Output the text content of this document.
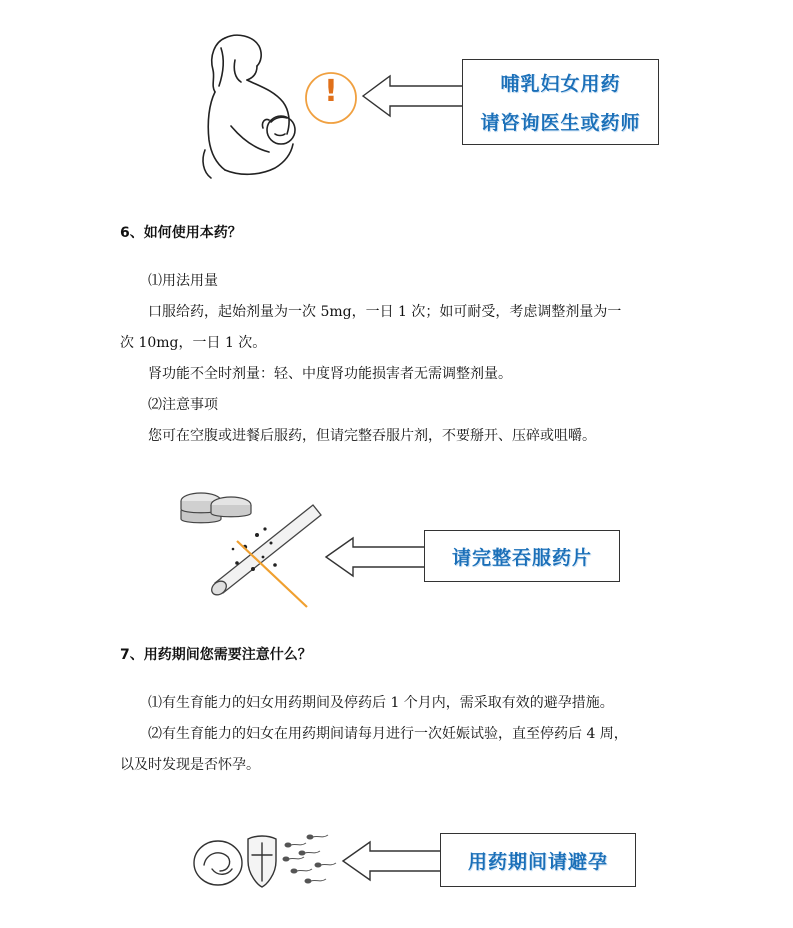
!	哺乳妇女用药
请咨询医生或药师
6、如何使用本药？
⑴用法用量
口服给药，起始剂量为一次 5mg，一日 1 次；如可耐受，考虑调整剂量为一
次 10mg，一日 1 次。
肾功能不全时剂量：轻、中度肾功能损害者无需调整剂量。
⑵注意事项
您可在空腹或进餐后服药，但请完整吞服片剂，不要掰开、压碎或咀嚼。
请完整吞服药片
7、用药期间您需要注意什么？
⑴有生育能力的妇女用药期间及停药后 1 个月内，需采取有效的避孕措施。
⑵有生育能力的妇女在用药期间请每月进行一次妊娠试验，直至停药后 4 周，
以及时发现是否怀孕。
用药期间请避孕
